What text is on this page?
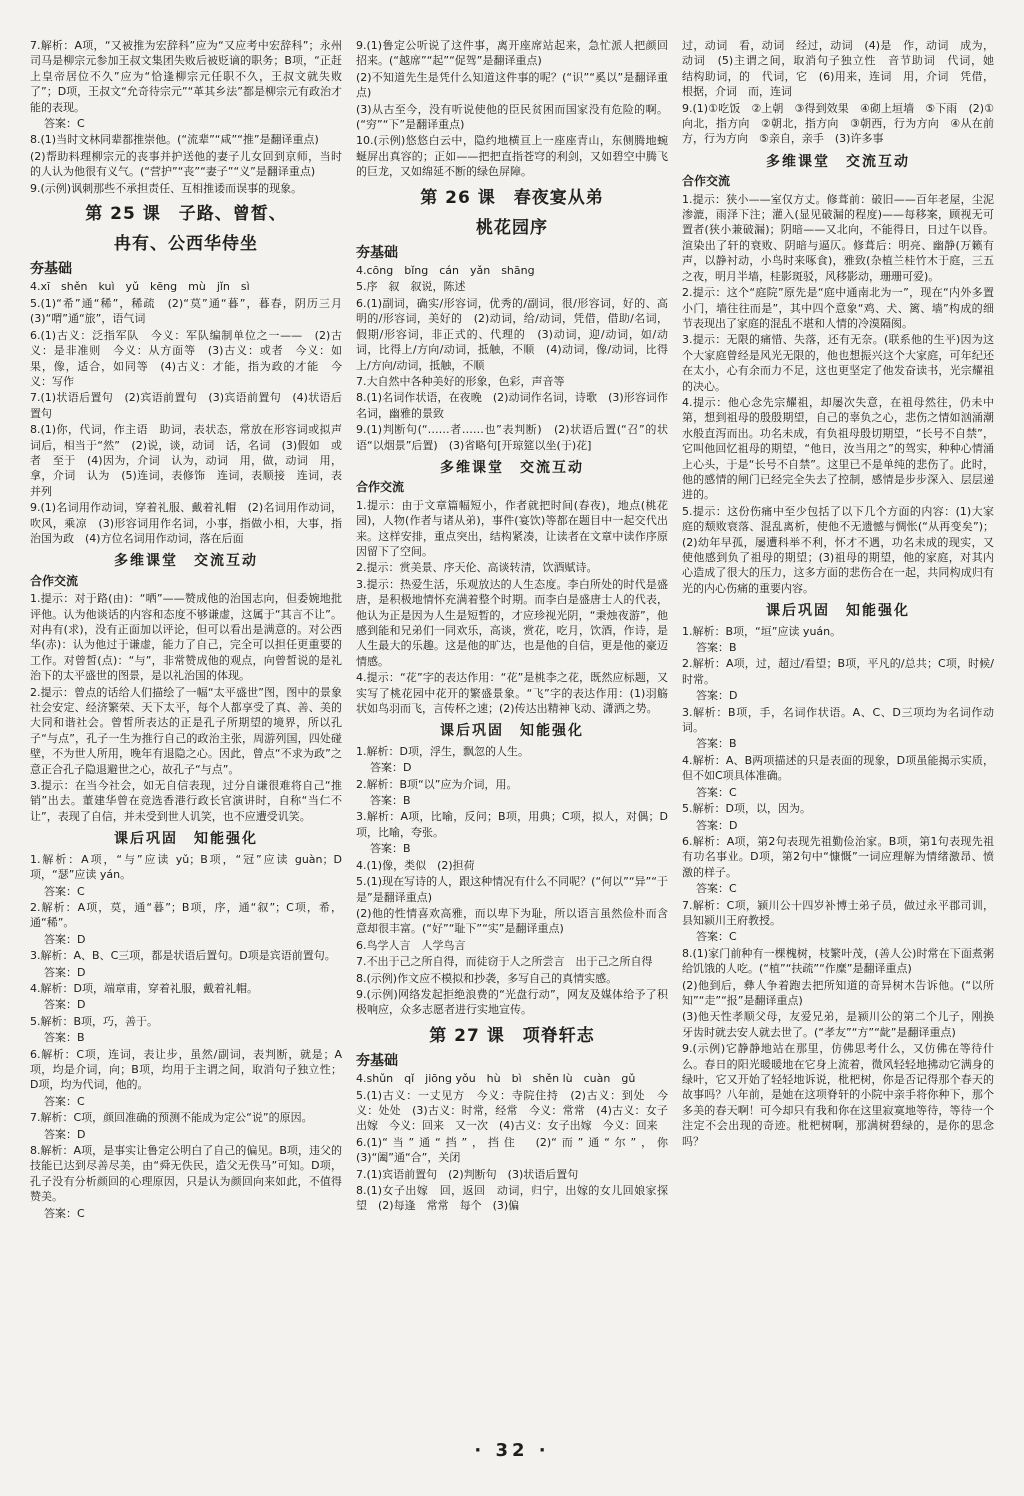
7.解析：A项，“又被推为宏辞科”应为“又应考中宏辞科”；永州司马是柳宗元参加王叔文集团失败后被贬谪的职务；B项，“正赶上皇帝居位不久”应为“恰逢柳宗元任职不久，王叔文就失败了”；D项，王叔文“允奇待宗元”“革其乡法”都是柳宗元有政治才能的表现。

答案：C

8.(1)当时文林同辈都推崇他。(“流辈”“咸”“推”是翻译重点)

(2)帮助料理柳宗元的丧事并护送他的妻子儿女回到京师，当时的人认为他很有义气。(“营护”“丧”“妻子”“义”是翻译重点)

9.(示例)讽刺那些不承担责任、互相推诿而误事的现象。

第 25 课　子路、曾皙、
冉有、公西华侍坐
夯基础

4.xī　shěn　kuì　yǔ　kēng　mù　jǐn　sì

5.(1)“希”通“稀”，稀疏　(2)“莫”通“暮”，暮春，阴历三月　(3)“喟”通“旅”，语气词

6.(1)古义：泛指军队　今义：军队编制单位之一——　(2)古义：是非准则　今义：从方面等　(3)古义：或者　今义：如果，像，适合，如同等　(4)古义：才能，指为政的才能　今义：写作

7.(1)状语后置句　(2)宾语前置句　(3)宾语前置句　(4)状语后置句

8.(1)你，代词，作主语　助词，表状态，常放在形容词或拟声词后，相当于“然”　(2)说，谈，动词　话，名词　(3)假如　或者　至于　(4)因为，介词　认为，动词　用，做，动词　用，拿，介词　认为　(5)连词，表修饰　连词，表顺接　连词，表并列

9.(1)名词用作动词，穿着礼服、戴着礼帽　(2)名词用作动词，吹风，乘凉　(3)形容词用作名词，小事，指做小相，大事，指治国为政　(4)方位名词用作动词，落在后面

多维课堂　交流互动
合作交流

1.提示：对于路(由)：“哂”——赞成他的治国志向，但委婉地批评他。认为他谈话的内容和态度不够谦虚，这属于“其言不让”。对冉有(求)，没有正面加以评论，但可以看出是满意的。对公西华(赤)：认为他过于谦虚，能力了自己，完全可以担任更重要的工作。对曾皙(点)：“与”，非常赞成他的观点，向曾皙说的是礼治下的太平盛世的图景，是以礼治国的体现。

2.提示：曾点的话给人们描绘了一幅“太平盛世”图，图中的景象社会安定、经济繁荣、天下太平，每个人都享受了真、善、美的大同和谐社会。曾皙所表达的正是孔子所期望的境界，所以孔子“与点”，孔子一生为推行自己的政治主张，周游列国，四处碰壁，不为世人所用，晚年有退隐之心。因此，曾点“不求为政”之意正合孔子隐退避世之心，故孔子“与点”。

3.提示：在当今社会，如无自信表现，过分自谦很难将自己“推销”出去。董建华曾在竞选香港行政长官演讲时，自称“当仁不让”，表现了自信，并未受到世人讥笑，也不应遭受讥笑。

课后巩固　知能强化

1.解析：A项，“与”应读 yǔ；B项，“冠”应读 guàn；D项，“瑟”应读 yán。

答案：C

2.解析：A项，莫，通“暮”；B项，序，通“叙”；C项，希，通“稀”。

答案：D

3.解析：A、B、C三项，都是状语后置句。D项是宾语前置句。

答案：D

4.解析：D项，端章甫，穿着礼服，戴着礼帽。

答案：D

5.解析：B项，巧，善于。

答案：B

6.解析：C项，连词，表让步，虽然/副词，表判断，就是；A项，均是介词，向；B项，均用于主谓之间，取消句子独立性；D项，均为代词，他的。

答案：C

7.解析：C项，颜回准确的预测不能成为定公“说”的原因。

答案：D

8.解析：A项，是事实让鲁定公明白了自己的偏见。B项，违父的技能已达到尽善尽美，由“舜无佚民，造父无佚马”可知。D项，孔子没有分析颜回的心理原因，只是认为颜回向来如此，不值得赞美。

答案：C

9.(1)鲁定公听说了这件事，离开座席站起来，急忙派人把颜回招来。(“越席”“起”“促驾”是翻译重点)

(2)不知道先生是凭什么知道这件事的呢？(“识”“奚以”是翻译重点)

(3)从古至今，没有听说使他的臣民贫困而国家没有危险的啊。(“穷”“下”是翻译重点)

10.(示例)悠悠白云中，隐约地横亘上一座座青山，东侧腾地蜿蜒屏出真容的；正如——把把直指苍穹的利剑，又如碧空中腾飞的巨龙，又如绵延不断的绿色屏障。

第 26 课　春夜宴从弟
桃花园序
夯基础

4.cōng　bǐng　cán　yǎn　shāng

5.序　叙　叙说，陈述

6.(1)副词，确实/形容词，优秀的/副词，很/形容词，好的、高明的/形容词，美好的　(2)动词，给/动词，凭借，借助/名词，假期/形容词，非正式的、代理的　(3)动词，迎/动词，如/动词，比得上/方向/动词，抵触，不顺　(4)动词，像/动词，比得上/方向/动词，抵触，不顺

7.大自然中各种美好的形象，色彩，声音等

8.(1)名词作状语，在夜晚　(2)动词作名词，诗歌　(3)形容词作名词，幽雅的景致

9.(1)判断句(“……者……也”表判断)　(2)状语后置(“召”的状语“以烟景”后置)　(3)省略句[开琼筵以坐(于)花]

多维课堂　交流互动
合作交流

1.提示：由于文章篇幅短小，作者就把时间(春夜)，地点(桃花园)，人物(作者与诸从弟)，事件(宴饮)等都在题目中一起交代出来。这样安排，重点突出，结构紧凑，让读者在文章中读作序原因留下了空间。

2.提示：赏美景、序天伦、高谈转清，饮酒赋诗。

3.提示：热爱生活，乐观放达的人生态度。李白所处的时代是盛唐，是积极地情怀充满着整个时期。而李白是盛唐士人的代表，他认为正是因为人生是短暂的，才应珍视光阴，“秉烛夜游”，他感到能和兄弟们一同欢乐，高谈，赏花，吃月，饮酒，作诗，是人生最大的乐趣。这是他的旷达，也是他的自信，更是他的豪迈情感。

4.提示：“花”字的表达作用：“花”是桃李之花，既然应标题，又实写了桃花园中花开的繁盛景象。“飞”字的表达作用：(1)羽觞状如鸟羽而飞，言传杯之速；(2)传达出精神飞动、潇洒之势。

课后巩固　知能强化

1.解析：D项，浮生，飘忽的人生。

答案：D

2.解析：B项“以”应为介词，用。

答案：B

3.解析：A项，比喻，反问；B项，用典；C项，拟人，对偶；D项，比喻，夸张。

答案：B

4.(1)像，类似　(2)担荷

5.(1)现在写诗的人，跟这种情况有什么不同呢？(“何以”“异”“于是”是翻译重点)

(2)他的性情喜欢高雅，而以卑下为耻，所以语言虽然俭朴而含意却很丰富。(“好”“耻下”“实”是翻译重点)

6.鸟学人言　人学鸟言

7.不出于己之所自得，而徒窃于人之所尝言　出于己之所自得

8.(示例)作文应不模拟和抄袭，多写自己的真情实感。

9.(示例)网络发起拒绝浪费的“光盘行动”，网友及媒体给予了积极响应，众多志愿者进行实地宣传。

第 27 课　项脊轩志
夯基础

4.shǔn　qǐ　jiōng yǒu　hù　bì　shěn lù　cuàn　gǔ

5.(1)古义：一丈见方　今义：寺院住持　(2)古义：到处　今义：处处　(3)古义：时常，经常　今义：常常　(4)古义：女子出嫁　今义：回来　又一次　(4)古义：女子出嫁　今义：回来

6.(1)“当”通“挡”，挡住　(2)“而”通“尔”，你　(3)“阖”通“合”，关闭

7.(1)宾语前置句　(2)判断句　(3)状语后置句

8.(1)女子出嫁　回，返回　动词，归宁，出嫁的女儿回娘家探望　(2)每逢　常常　每个　(3)偏

过，动词　看，动词　经过，动词　(4)是　作，动词　成为，动词　(5)主谓之间，取消句子独立性　音节助词　代词，她　结构助词，的　代词，它　(6)用来，连词　用，介词　凭借，根据，介词　而，连词

9.(1)①吃饭　②上朝　③得到效果　④砌上垣墙　⑤下雨　(2)①向北，指方向　②朝北，指方向　③朝西，行为方向　④从在前方，行为方向　⑤亲自，亲手　(3)许多事

多维课堂　交流互动
合作交流

1.提示：狭小——室仅方丈。修葺前：破旧——百年老屋，尘泥渗漉，雨泽下注；灌入(显见破漏的程度)——每移案，顾视无可置者(狭小兼破漏)；阴暗——又北向，不能得日，日过午以昏。渲染出了轩的衰败、阴暗与逼仄。修葺后：明亮、幽静(万籁有声，以静衬动，小鸟时来啄食)，雅致(杂植兰桂竹木于庭，三五之夜，明月半墙，桂影斑驳，风移影动，珊珊可爱)。

2.提示：这个“庭院”原先是“庭中通南北为一”，现在“内外多置小门，墙往往而是”，其中四个意象“鸡、犬、篱、墙”构成的细节表现出了家庭的混乱不堪和人情的冷漠隔阂。

3.提示：无限的痛惜、失落，还有无奈。(联系他的生平)因为这个大家庭曾经是风光无限的，他也想振兴这个大家庭，可年纪还在太小，心有余而力不足，这也更坚定了他发奋读书，光宗耀祖的决心。

4.提示：他心念先宗耀祖，却屡次失意，在祖母然往，仍未中第，想到祖母的殷殷期望，自己的辜负之心，悲伤之情如汹涌潮水般直泻而出。功名未成，有负祖母殷切期望，“长号不自禁”，它叫他回忆祖母的期望，“他日，汝当用之”的驾实，种种心情涌上心头，于是“长号不自禁”。这里已不是单纯的悲伤了。此时，他的感情的闸门已经完全失去了控制，感情是步步深入、层层递进的。

5.提示：这份伤痛中至少包括了以下几个方面的内容：(1)大家庭的颓败衰落、混乱离析，使他不无遗憾与惆怅(“从再变矣”)；(2)幼年早孤，屡遭科举不利，怀才不遇，功名未成的现实，又使他感到负了祖母的期望；(3)祖母的期望，他的家庭，对其内心造成了很大的压力，这多方面的悲伤合在一起，共同构成归有光的内心伤痛的重要内容。

课后巩固　知能强化

1.解析：B项，“垣”应读 yuán。

答案：B

2.解析：A项，过，超过/看望；B项，平凡的/总共；C项，时候/时常。

答案：D

3.解析：B项，手，名词作状语。A、C、D三项均为名词作动词。

答案：B

4.解析：A、B两项描述的只是表面的现象，D项虽能揭示实质，但不如C项具体准确。

答案：C

5.解析：D项，以，因为。

答案：D

6.解析：A项，第2句表现先祖勤俭治家。B项，第1句表现先祖有功名事业。D项，第2句中“慷慨”一词应理解为情绪激昂、愤激的样子。

答案：C

7.解析：C项，颍川公十四岁补博士弟子员，做过永平郡司训，县知颍川王府教授。

答案：C

8.(1)家门前种有一棵槐树，枝繁叶茂，(善人公)时常在下面煮粥给饥饿的人吃。(“植”“扶疏”“作糜”是翻译重点)

(2)他到后，彝人争着跑去把所知道的奇异树木告诉他。(“以所知”“走”“报”是翻译重点)

(3)他天性孝顺父母，友爱兄弟，是颍川公的第二个儿子，刚换牙齿时就去安人就去世了。(“孝友”“方”“龀”是翻译重点)

9.(示例)它静静地站在那里，仿佛思考什么，又仿佛在等待什么。春日的阳光暖暖地在它身上流着，微风轻轻地拂动它满身的绿叶，它又开始了轻轻地诉说，枇杷树，你是否记得那个春天的故事吗？八年前，是她在这项脊轩的小院中亲手将你种下，那个多美的春天啊！可今却只有我和你在这里寂寞地等待，等待一个注定不会出现的奇迹。枇杷树啊，那满树碧绿的，是你的思念吗？

· 32 ·
